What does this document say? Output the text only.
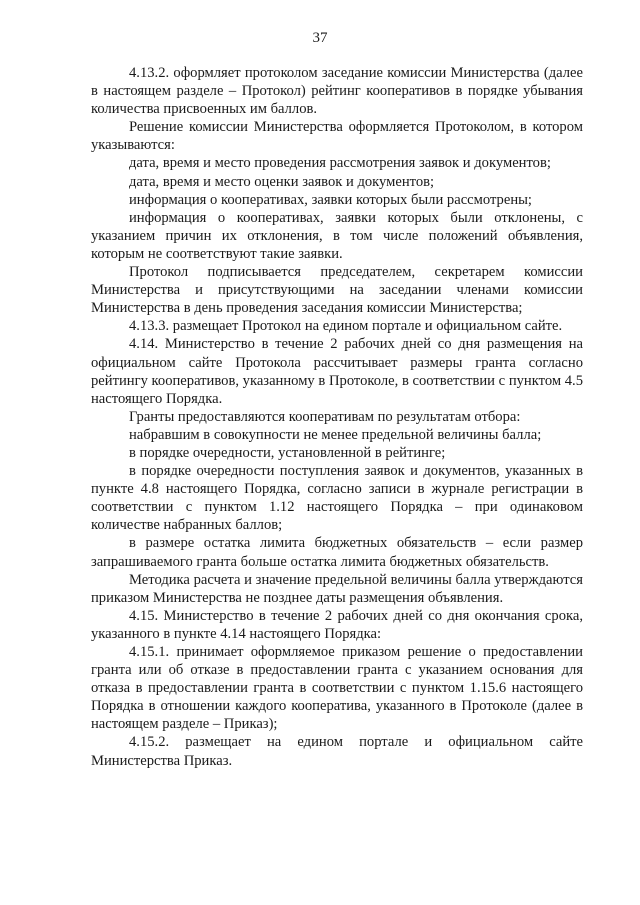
37

4.13.2. оформляет протоколом заседание комиссии Министерства (далее в настоящем разделе – Протокол) рейтинг кооперативов в порядке убывания количества присвоенных им баллов.

Решение комиссии Министерства оформляется Протоколом, в котором указываются:

дата, время и место проведения рассмотрения заявок и документов;

дата, время и место оценки заявок и документов;

информация о кооперативах, заявки которых были рассмотрены;

информация о кооперативах, заявки которых были отклонены, с указанием причин их отклонения, в том числе положений объявления, которым не соответствуют такие заявки.

Протокол подписывается председателем, секретарем комиссии Министерства и присутствующими на заседании членами комиссии Министерства в день проведения заседания комиссии Министерства;

4.13.3. размещает Протокол на едином портале и официальном сайте.

4.14. Министерство в течение 2 рабочих дней со дня размещения на официальном сайте Протокола рассчитывает размеры гранта согласно рейтингу кооперативов, указанному в Протоколе, в соответствии с пунктом 4.5 настоящего Порядка.

Гранты предоставляются кооперативам по результатам отбора:

набравшим в совокупности не менее предельной величины балла;

в порядке очередности, установленной в рейтинге;

в порядке очередности поступления заявок и документов, указанных в пункте 4.8 настоящего Порядка, согласно записи в журнале регистрации в соответствии с пунктом 1.12 настоящего Порядка – при одинаковом количестве набранных баллов;

в размере остатка лимита бюджетных обязательств – если размер запрашиваемого гранта больше остатка лимита бюджетных обязательств.

Методика расчета и значение предельной величины балла утверждаются приказом Министерства не позднее даты размещения объявления.

4.15. Министерство в течение 2 рабочих дней со дня окончания срока, указанного в пункте 4.14 настоящего Порядка:

4.15.1. принимает оформляемое приказом решение о предоставлении гранта или об отказе в предоставлении гранта с указанием основания для отказа в предоставлении гранта в соответствии с пунктом 1.15.6 настоящего Порядка в отношении каждого кооператива, указанного в Протоколе (далее в настоящем разделе – Приказ);

4.15.2. размещает на едином портале и официальном сайте Министерства Приказ.
